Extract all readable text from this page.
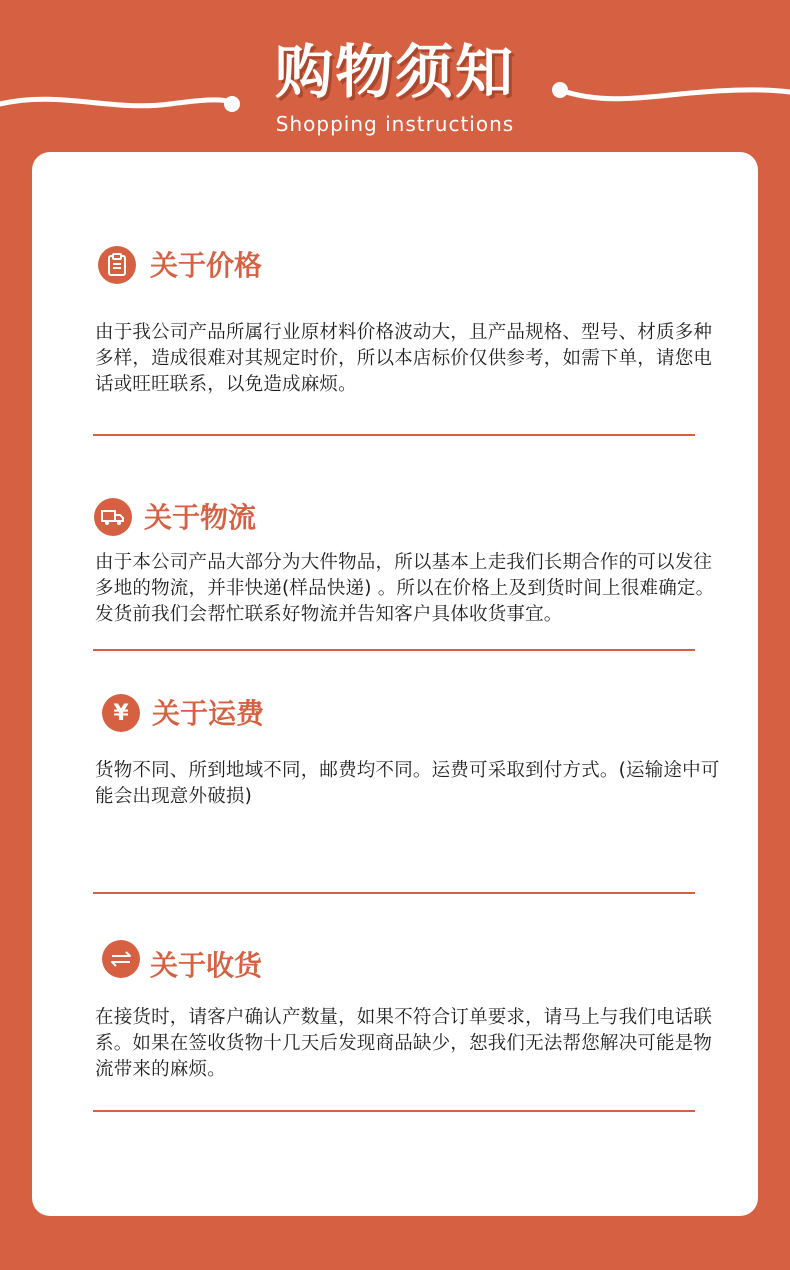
购物须知
Shopping instructions
关于价格
由于我公司产品所属行业原材料价格波动大，且产品规格、型号、材质多种多样，造成很难对其规定时价，所以本店标价仅供参考，如需下单，请您电话或旺旺联系，以免造成麻烦。
关于物流
由于本公司产品大部分为大件物品，所以基本上走我们长期合作的可以发往多地的物流，并非快递(样品快递) 。所以在价格上及到货时间上很难确定。发货前我们会帮忙联系好物流并告知客户具体收货事宜。
¥ 关于运费
货物不同、所到地域不同，邮费均不同。运费可采取到付方式。(运输途中可能会出现意外破损)
关于收货
在接货时，请客户确认产数量，如果不符合订单要求，请马上与我们电话联系。如果在签收货物十几天后发现商品缺少，恕我们无法帮您解决可能是物流带来的麻烦。
